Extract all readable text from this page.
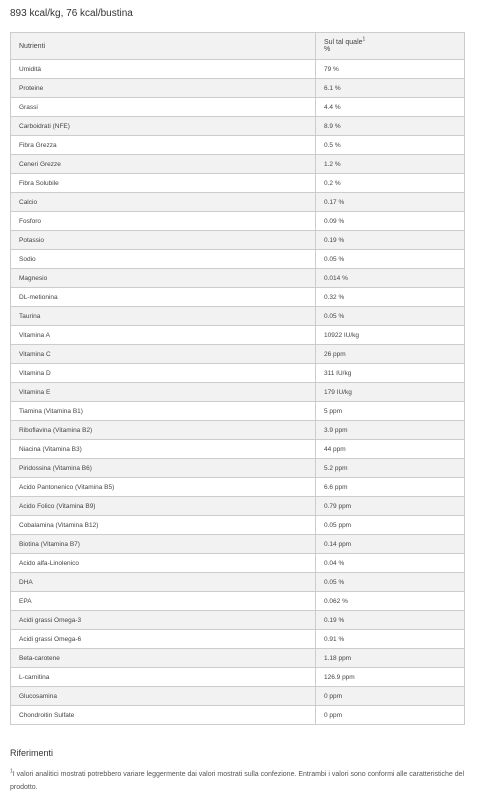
893 kcal/kg, 76 kcal/bustina
Nutrienti	Sul tal quale$^1$
%

Umidità	79 %
Proteine	6.1 %
Grassi	4.4 %
Carboidrati (NFE)	8.9 %
Fibra Grezza	0.5 %
Ceneri Grezze	1.2 %
Fibra Solubile	0.2 %
Calcio	0.17 %
Fosforo	0.09 %
Potassio	0.19 %
Sodio	0.05 %
Magnesio	0.014 %
DL-metionina	0.32 %
Taurina	0.05 %
Vitamina A	10922 IU/kg
Vitamina C	26 ppm
Vitamina D	311 IU/kg
Vitamina E	179 IU/kg
Tiamina (Vitamina B1)	5 ppm
Riboflavina (Vitamina B2)	3.9 ppm
Niacina (Vitamina B3)	44 ppm
Piridossina (Vitamina B6)	5.2 ppm
Acido Pantonenico (Vitamina B5)	6.6 ppm
Acido Folico (Vitamina B9)	0.79 ppm
Cobalamina (Vitamina B12)	0.05 ppm
Biotina (Vitamina B7)	0.14 ppm
Acido alfa-Linolenico	0.04 %
DHA	0.05 %
EPA	0.062 %
Acidi grassi Omega-3	0.19 %
Acidi grassi Omega-6	0.91 %
Beta-carotene	1.18 ppm
L-carnitina	126.9 ppm
Glucosamina	0 ppm
Chondroitin Sulfate	0 ppm
Riferimenti
$^1$I valori analitici mostrati potrebbero variare leggermente dai valori mostrati sulla confezione. Entrambi i valori sono conformi alle caratteristiche del prodotto.
